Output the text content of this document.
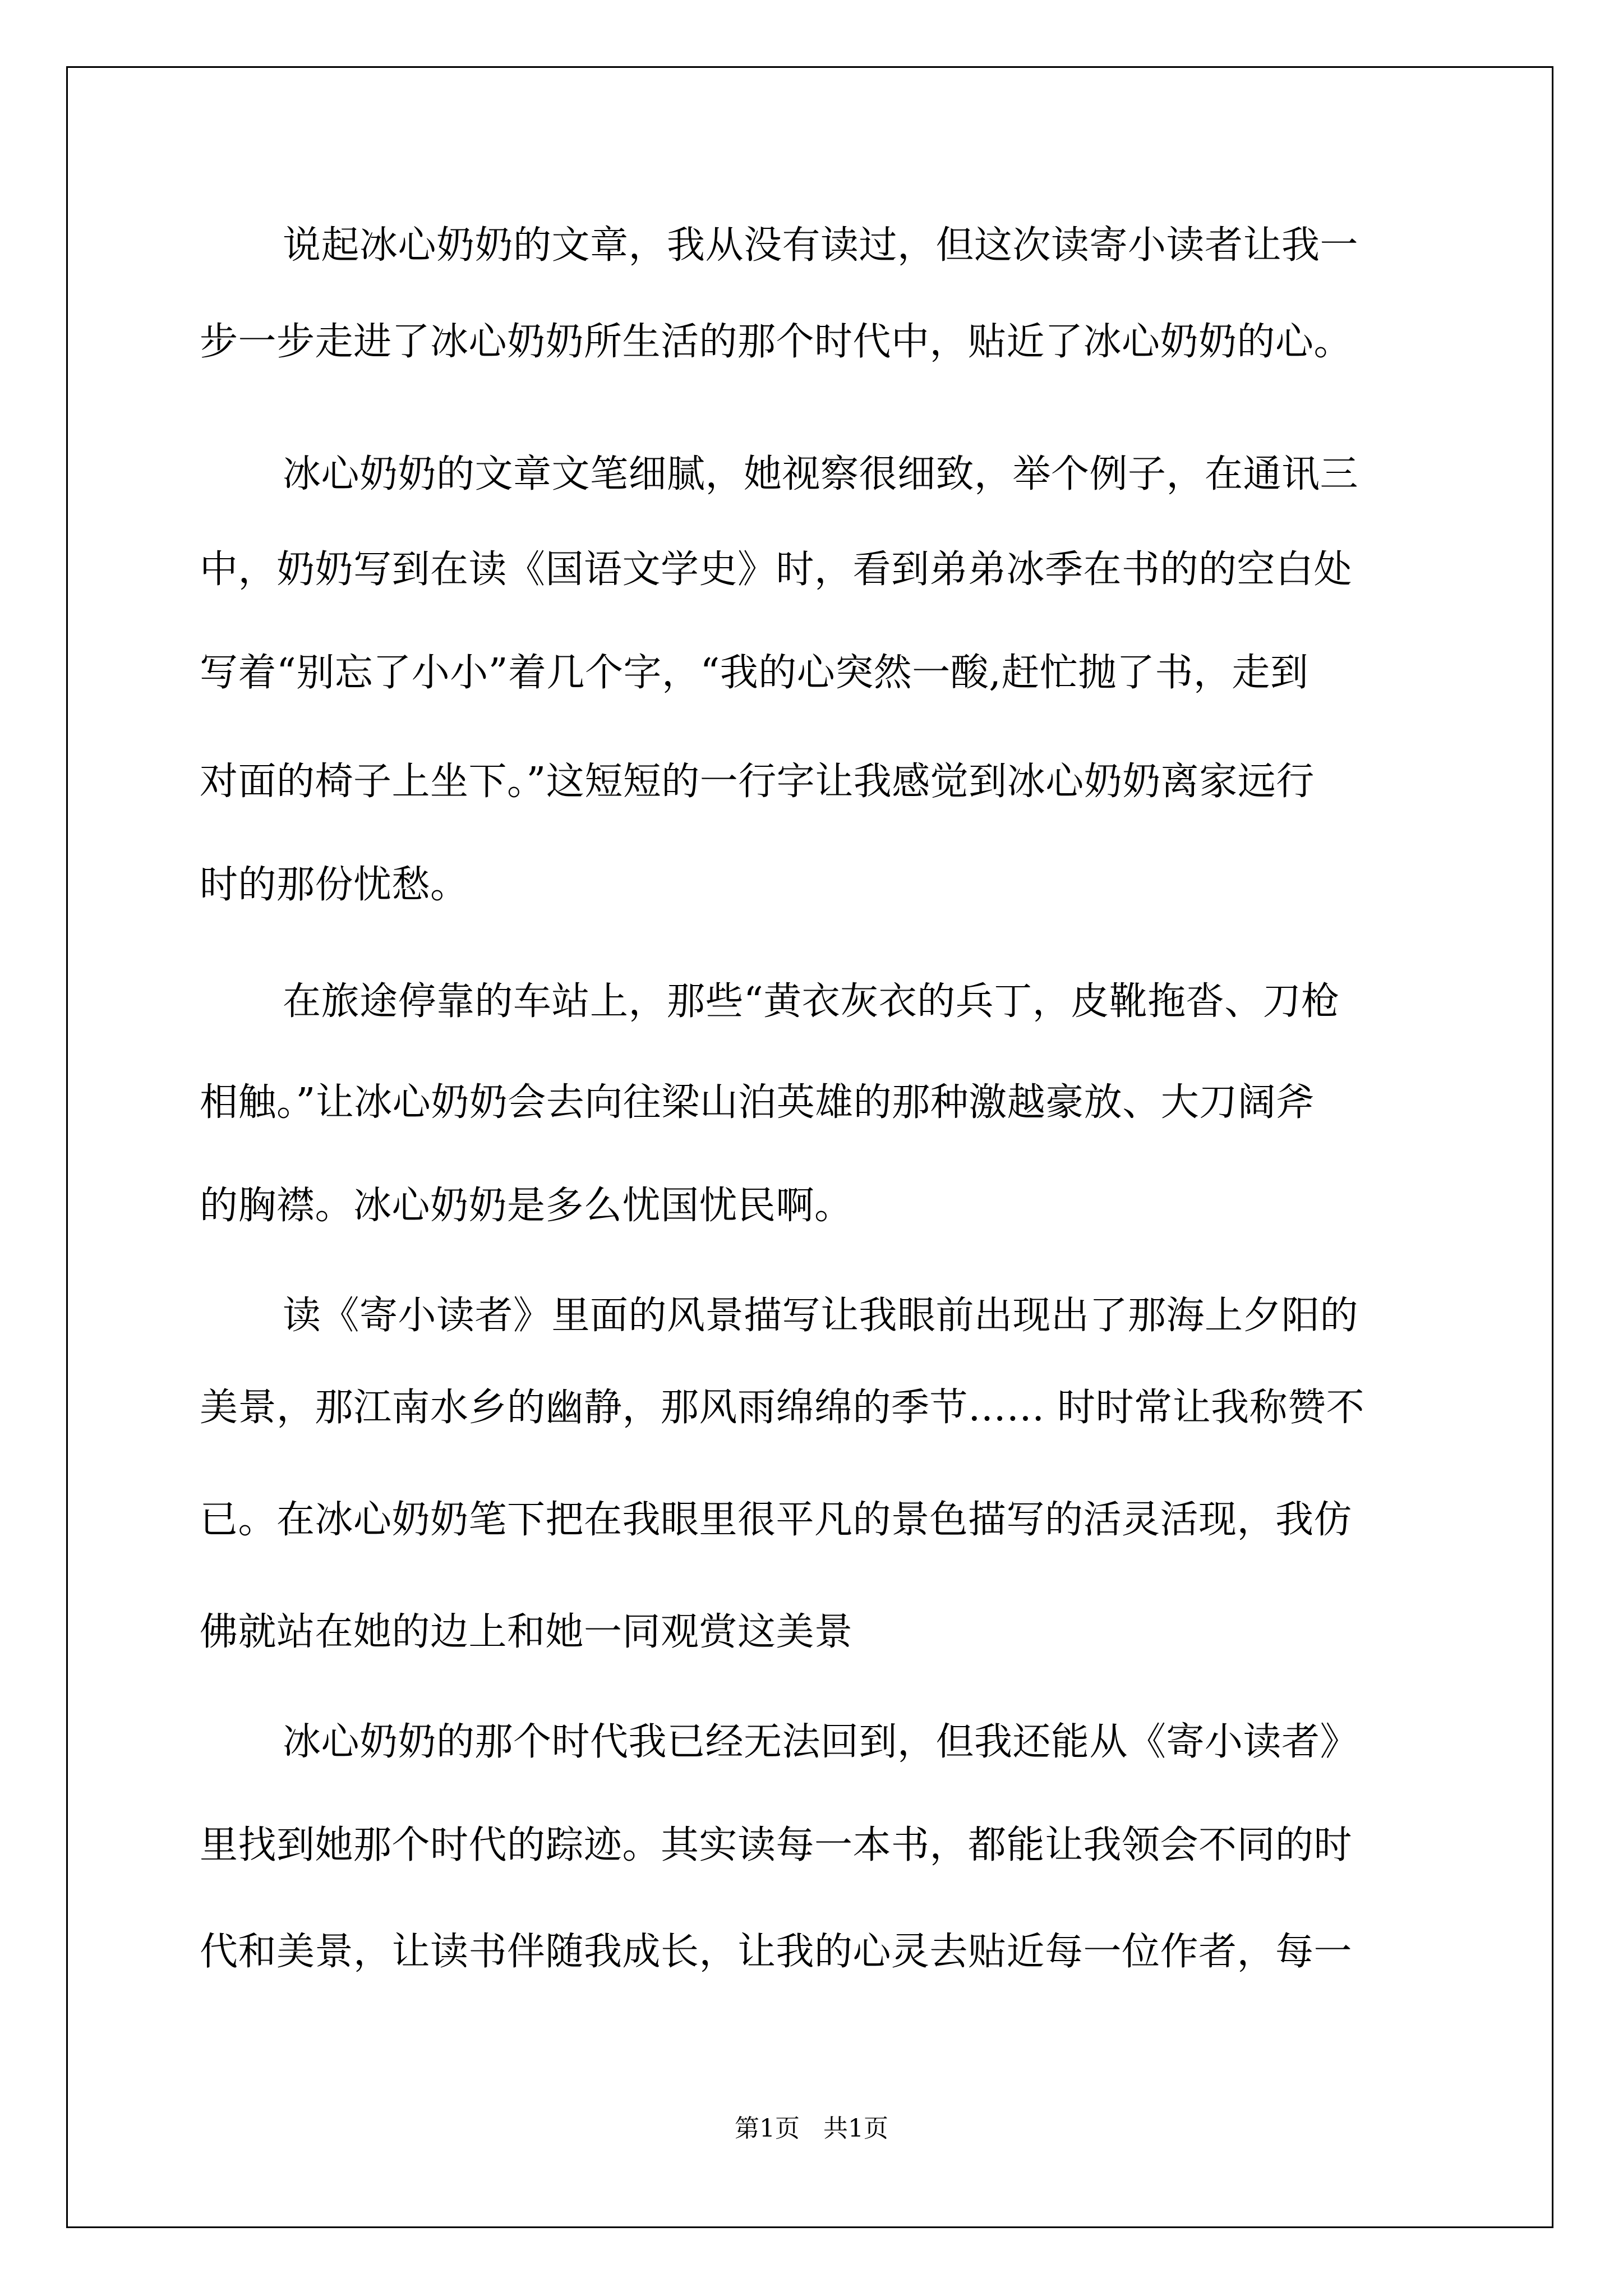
说起冰心奶奶的文章，我从没有读过，但这次读寄小读者让我一
步一步走进了冰心奶奶所生活的那个时代中，贴近了冰心奶奶的心。
冰心奶奶的文章文笔细腻，她视察很细致，举个例子，在通讯三
中，奶奶写到在读《国语文学史》时，看到弟弟冰季在书的的空白处
写着“别忘了小小”着几个字，“我的心突然一酸,赶忙抛了书，走到
对面的椅子上坐下。”这短短的一行字让我感觉到冰心奶奶离家远行
时的那份忧愁。
在旅途停靠的车站上，那些“黄衣灰衣的兵丁，皮靴拖沓、刀枪
相触。”让冰心奶奶会去向往梁山泊英雄的那种激越豪放、大刀阔斧
的胸襟。冰心奶奶是多么忧国忧民啊。
读《寄小读者》里面的风景描写让我眼前出现出了那海上夕阳的
美景，那江南水乡的幽静，那风雨绵绵的季节…… 时时常让我称赞不
已。在冰心奶奶笔下把在我眼里很平凡的景色描写的活灵活现，我仿
佛就站在她的边上和她一同观赏这美景
冰心奶奶的那个时代我已经无法回到，但我还能从《寄小读者》
里找到她那个时代的踪迹。其实读每一本书，都能让我领会不同的时
代和美景，让读书伴随我成长，让我的心灵去贴近每一位作者，每一
第1页   共1页
